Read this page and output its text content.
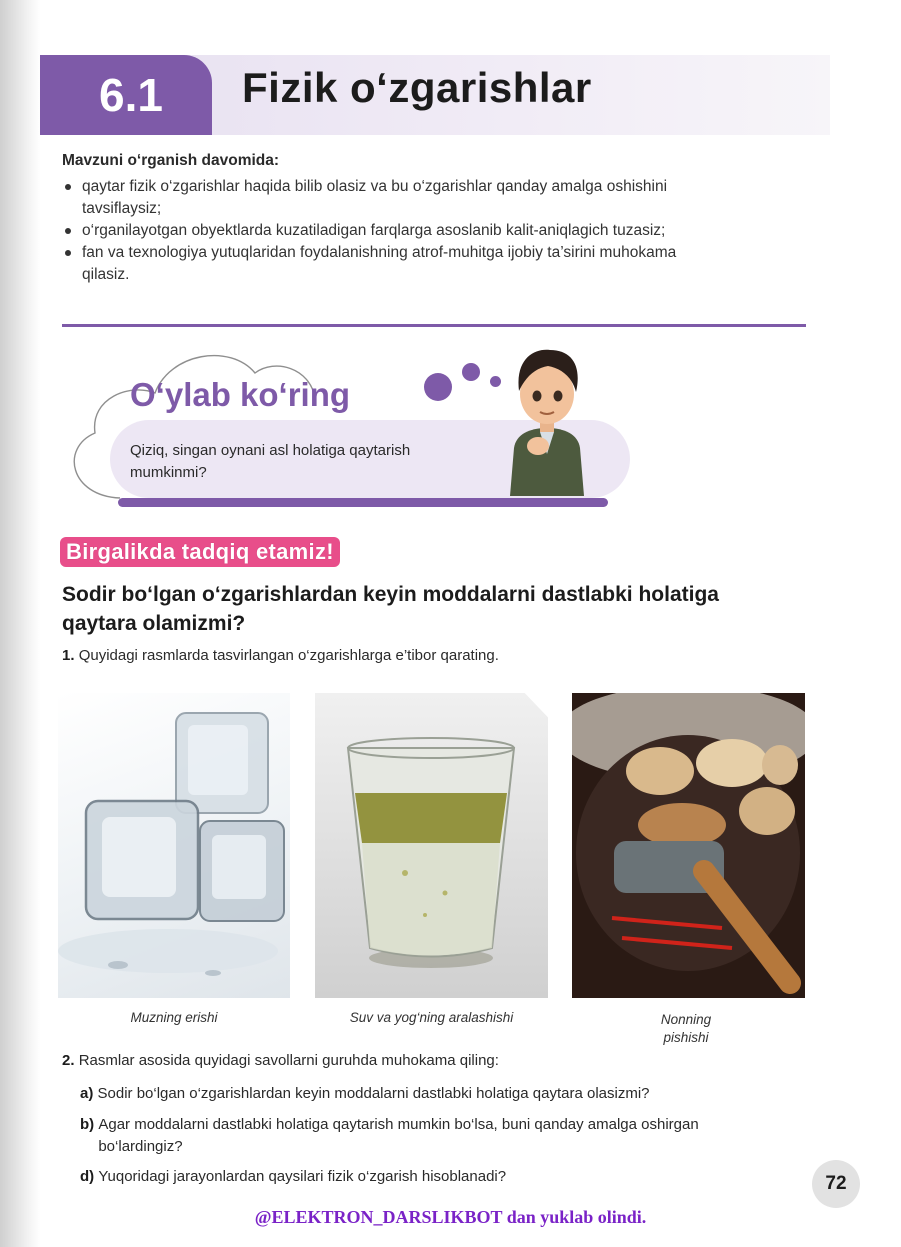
6.1	Fizik o‘zgarishlar
Mavzuni o‘rganish davomida:
qaytar fizik o‘zgarishlar haqida bilib olasiz va bu o‘zgarishlar qanday amalga oshishini tavsiflaysiz;
o‘rganilayotgan obyektlarda kuzatiladigan farqlarga asoslanib kalit-aniqlagich tuzasiz;
fan va texnologiya yutuqlaridan foydalanishning atrof-muhitga ijobiy ta’sirini muhokama qilasiz.
O‘ylab ko‘ring
Qiziq, singan oynani asl holatiga qaytarish mumkinmi?
Birgalikda tadqiq etamiz!
Sodir bo‘lgan o‘zgarishlardan keyin moddalarni dastlabki holatiga qaytara olamizmi?
1. Quyidagi rasmlarda tasvirlangan o‘zgarishlarga e’tibor qarating.
Muzning erishi	Suv va yog‘ning aralashishi	Nonning pishishi
2. Rasmlar asosida quyidagi savollarni guruhda muhokama qiling:
a) Sodir bo‘lgan o‘zgarishlardan keyin moddalarni dastlabki holatiga qaytara olasizmi?
b) Agar moddalarni dastlabki holatiga qaytarish mumkin bo‘lsa, buni qanday amalga oshirgan bo‘lardingiz?
d) Yuqoridagi jarayonlardan qaysilari fizik o‘zgarish hisoblanadi?	72
@ELEKTRON_DARSLIKBOT dan yuklab olindi.
